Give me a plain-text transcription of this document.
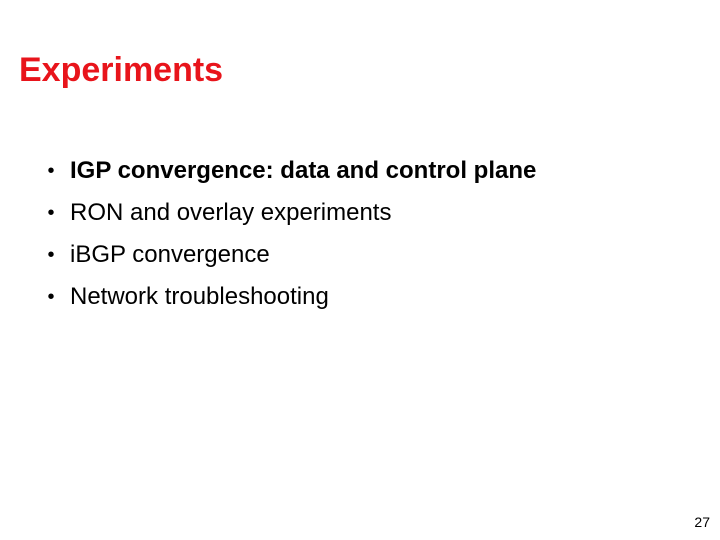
Experiments
• IGP convergence: data and control plane
• RON and overlay experiments
• iBGP convergence
• Network troubleshooting
27
